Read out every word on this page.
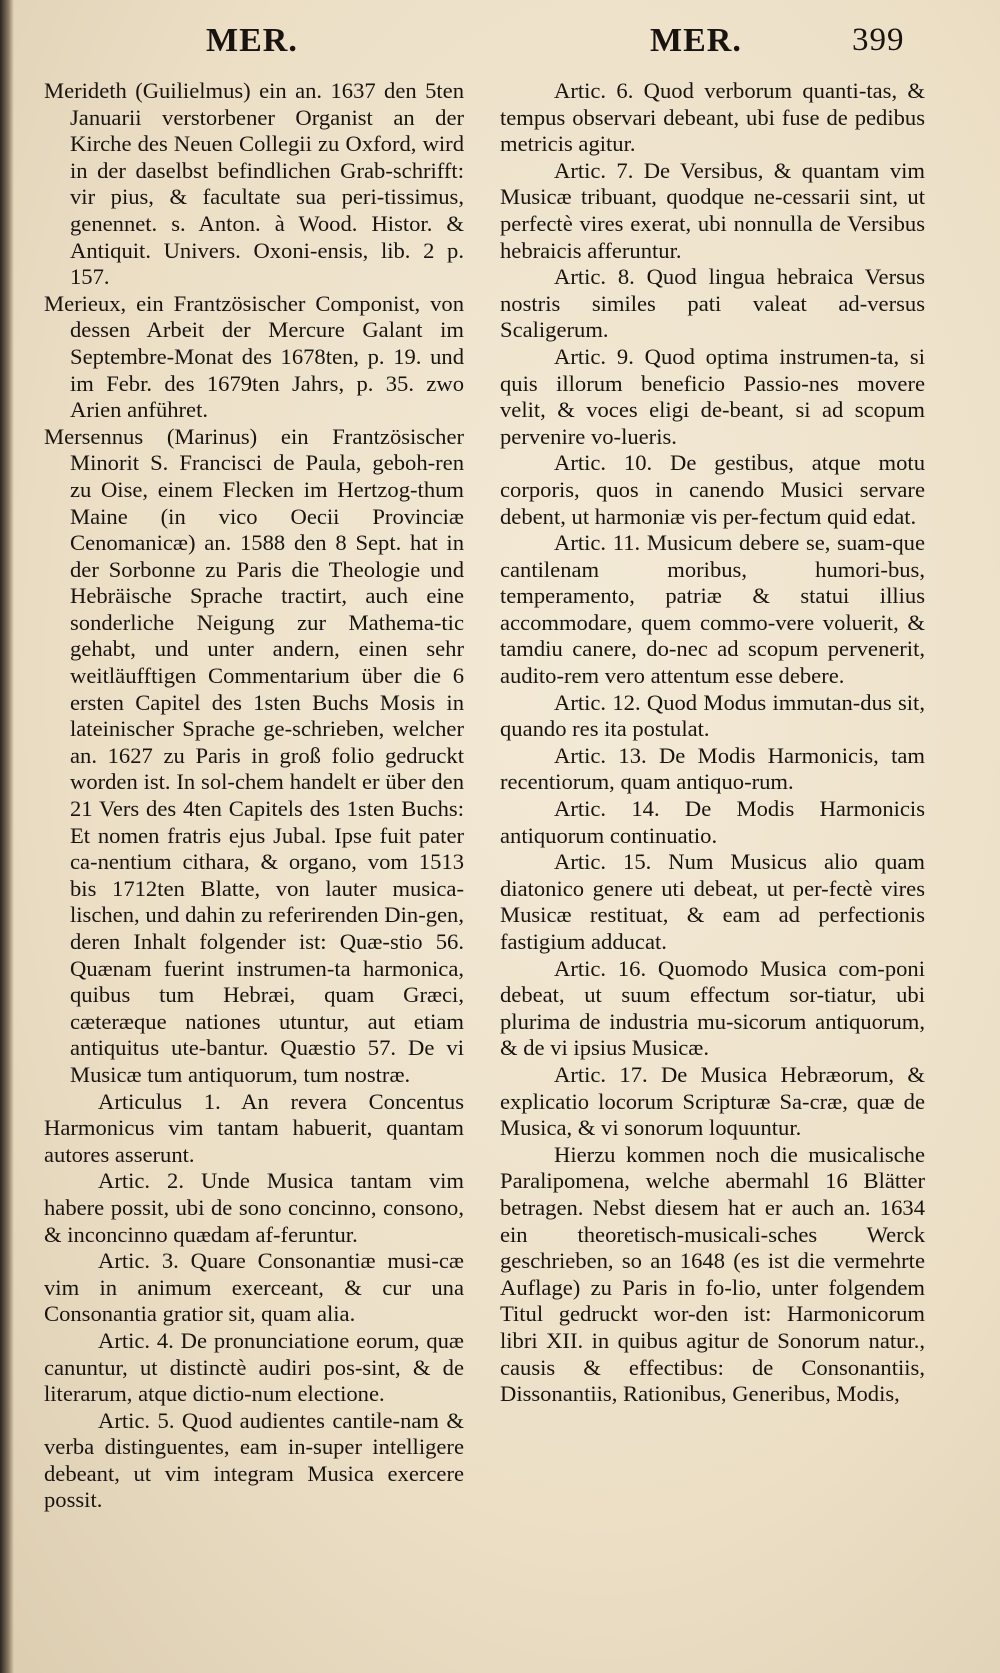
MER.	MER.	399

Merideth (Guilielmus) ein an. 1637 den 5ten Januarii verstorbener Organist an der Kirche des Neuen Collegii zu Oxford, wird in der daselbst befindlichen Grab-schrifft: vir pius, & facultate sua peri-tissimus, genennet. s. Anton. à Wood. Histor. & Antiquit. Univers. Oxoni-ensis, lib. 2 p. 157.

Merieux, ein Frantzösischer Componist, von dessen Arbeit der Mercure Galant im Septembre-Monat des 1678ten, p. 19. und im Febr. des 1679ten Jahrs, p. 35. zwo Arien anführet.

Mersennus (Marinus) ein Frantzösischer Minorit S. Francisci de Paula, geboh-ren zu Oise, einem Flecken im Hertzog-thum Maine (in vico Oecii Provinciæ Cenomanicæ) an. 1588 den 8 Sept. hat in der Sorbonne zu Paris die Theologie und Hebräische Sprache tractirt, auch eine sonderliche Neigung zur Mathema-tic gehabt, und unter andern, einen sehr weitläufftigen Commentarium über die 6 ersten Capitel des 1sten Buchs Mosis in lateinischer Sprache ge-schrieben, welcher an. 1627 zu Paris in groß folio gedruckt worden ist. In sol-chem handelt er über den 21 Vers des 4ten Capitels des 1sten Buchs: Et nomen fratris ejus Jubal. Ipse fuit pater ca-nentium cithara, & organo, vom 1513 bis 1712ten Blatte, von lauter musica-lischen, und dahin zu referirenden Din-gen, deren Inhalt folgender ist: Quæ-stio 56. Quænam fuerint instrumen-ta harmonica, quibus tum Hebræi, quam Græci, cæteræque nationes utuntur, aut etiam antiquitus ute-bantur. Quæstio 57. De vi Musicæ tum antiquorum, tum nostræ.

Articulus 1. An revera Concentus Harmonicus vim tantam habuerit, quantam autores asserunt.

Artic. 2. Unde Musica tantam vim habere possit, ubi de sono concinno, consono, & inconcinno quædam af-feruntur.

Artic. 3. Quare Consonantiæ musi-cæ vim in animum exerceant, & cur una Consonantia gratior sit, quam alia.

Artic. 4. De pronunciatione eorum, quæ canuntur, ut distinctè audiri pos-sint, & de literarum, atque dictio-num electione.

Artic. 5. Quod audientes cantile-nam & verba distinguentes, eam in-super intelligere debeant, ut vim integram Musica exercere possit.

Artic. 6. Quod verborum quanti-tas, & tempus observari debeant, ubi fuse de pedibus metricis agitur.

Artic. 7. De Versibus, & quantam vim Musicæ tribuant, quodque ne-cessarii sint, ut perfectè vires exerat, ubi nonnulla de Versibus hebraicis afferuntur.

Artic. 8. Quod lingua hebraica Versus nostris similes pati valeat ad-versus Scaligerum.

Artic. 9. Quod optima instrumen-ta, si quis illorum beneficio Passio-nes movere velit, & voces eligi de-beant, si ad scopum pervenire vo-lueris.

Artic. 10. De gestibus, atque motu corporis, quos in canendo Musici servare debent, ut harmoniæ vis per-fectum quid edat.

Artic. 11. Musicum debere se, suam-que cantilenam moribus, humori-bus, temperamento, patriæ & statui illius accommodare, quem commo-vere voluerit, & tamdiu canere, do-nec ad scopum pervenerit, audito-rem vero attentum esse debere.

Artic. 12. Quod Modus immutan-dus sit, quando res ita postulat.

Artic. 13. De Modis Harmonicis, tam recentiorum, quam antiquo-rum.

Artic. 14. De Modis Harmonicis antiquorum continuatio.

Artic. 15. Num Musicus alio quam diatonico genere uti debeat, ut per-fectè vires Musicæ restituat, & eam ad perfectionis fastigium adducat.

Artic. 16. Quomodo Musica com-poni debeat, ut suum effectum sor-tiatur, ubi plurima de industria mu-sicorum antiquorum, & de vi ipsius Musicæ.

Artic. 17. De Musica Hebræorum, & explicatio locorum Scripturæ Sa-cræ, quæ de Musica, & vi sonorum loquuntur.

Hierzu kommen noch die musicalische Paralipomena, welche abermahl 16 Blätter betragen. Nebst diesem hat er auch an. 1634 ein theoretisch-musicali-sches Werck geschrieben, so an 1648 (es ist die vermehrte Auflage) zu Paris in fo-lio, unter folgendem Titul gedruckt wor-den ist: Harmonicorum libri XII. in quibus agitur de Sonorum natur., causis & effectibus: de Consonantiis, Dissonantiis, Rationibus, Generibus, Modis,
